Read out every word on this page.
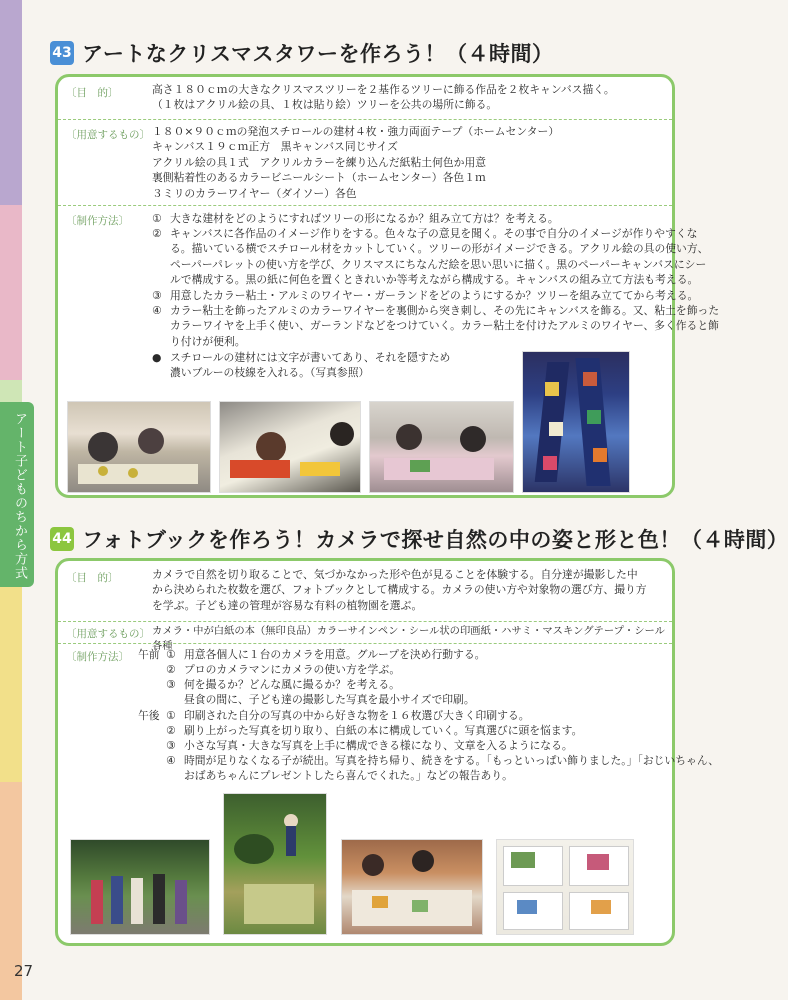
アート子どものちから方式
27
43 アートなクリスマスタワーを作ろう！（４時間）
〔目　的〕	高さ１８０ｃｍの大きなクリスマスツリーを２基作るツリーに飾る作品を２枚キャンバス描く。

（１枚はアクリル絵の具、１枚は貼り絵）ツリーを公共の場所に飾る。

〔用意するもの〕 １８０×９０ｃｍの発泡スチロールの建材４枚・強力両面テープ（ホームセンター）

キャンバス１９ｃｍ正方　黒キャンバス同じサイズ

アクリル絵の具１式　アクリルカラーを練り込んだ紙粘土何色か用意

裏側粘着性のあるカラービニールシート（ホームセンター）各色１ｍ

３ミリのカラーワイヤー（ダイソー）各色

〔制作方法〕 ① 大きな建材をどのようにすればツリーの形になるか？組み立て方は？を考える。

② キャンバスに各作品のイメージ作りをする。色々な子の意見を聞く。その事で自分のイメージが作りやすくな

る。描いている横でスチロール材をカットしていく。ツリーの形がイメージできる。アクリル絵の具の使い方、

ペーパーパレットの使い方を学び、クリスマスにちなんだ絵を思い思いに描く。黒のペーパーキャンバスにシー

ルで構成する。黒の紙に何色を置くときれいか等考えながら構成する。キャンバスの組み立て方法も考える。

③ 用意したカラー粘土・アルミのワイヤー・ガーランドをどのようにするか？ツリーを組み立ててから考える。

④ カラー粘土を飾ったアルミのカラーワイヤーを裏側から突き刺し、その先にキャンバスを飾る。又、粘土を飾った

カラーワイヤを上手く使い、ガーランドなどをつけていく。カラー粘土を付けたアルミのワイヤー、多く作ると飾

り付けが便利。

● スチロールの建材には文字が書いてあり、それを隠すため

濃いブルーの枝線を入れる。（写真参照）

44 フォトブックを作ろう！カメラで探せ自然の中の姿と形と色！（４時間）
〔目　的〕	カメラで自然を切り取ることで、気づかなかった形や色が見ることを体験する。自分達が撮影した中

から決められた枚数を選び、フォトブックとして構成する。カメラの使い方や対象物の選び方、撮り方

を学ぶ。子ども達の管理が容易な有料の植物園を選ぶ。

〔用意するもの〕 カメラ・中が白紙の本（無印良品）カラーサインペン・シール状の印画紙・ハサミ・マスキングテープ・シール各種
〔制作方法〕 午前 ① 用意各個人に１台のカメラを用意。グループを決め行動する。

② プロのカメラマンにカメラの使い方を学ぶ。

③ 何を撮るか？どんな風に撮るか？を考える。

昼食の間に、子ども達の撮影した写真を最小サイズで印刷。
午後 ① 印刷された自分の写真の中から好きな物を１６枚選び大きく印刷する。

② 刷り上がった写真を切り取り、白紙の本に構成していく。写真選びに頭を悩ます。

③ 小さな写真・大きな写真を上手に構成できる様になり、文章を入るようになる。

④ 時間が足りなくなる子が続出。写真を持ち帰り、続きをする。「もっといっぱい飾りました。」「おじいちゃん、

おばあちゃんにプレゼントしたら喜んでくれた。」などの報告あり。
